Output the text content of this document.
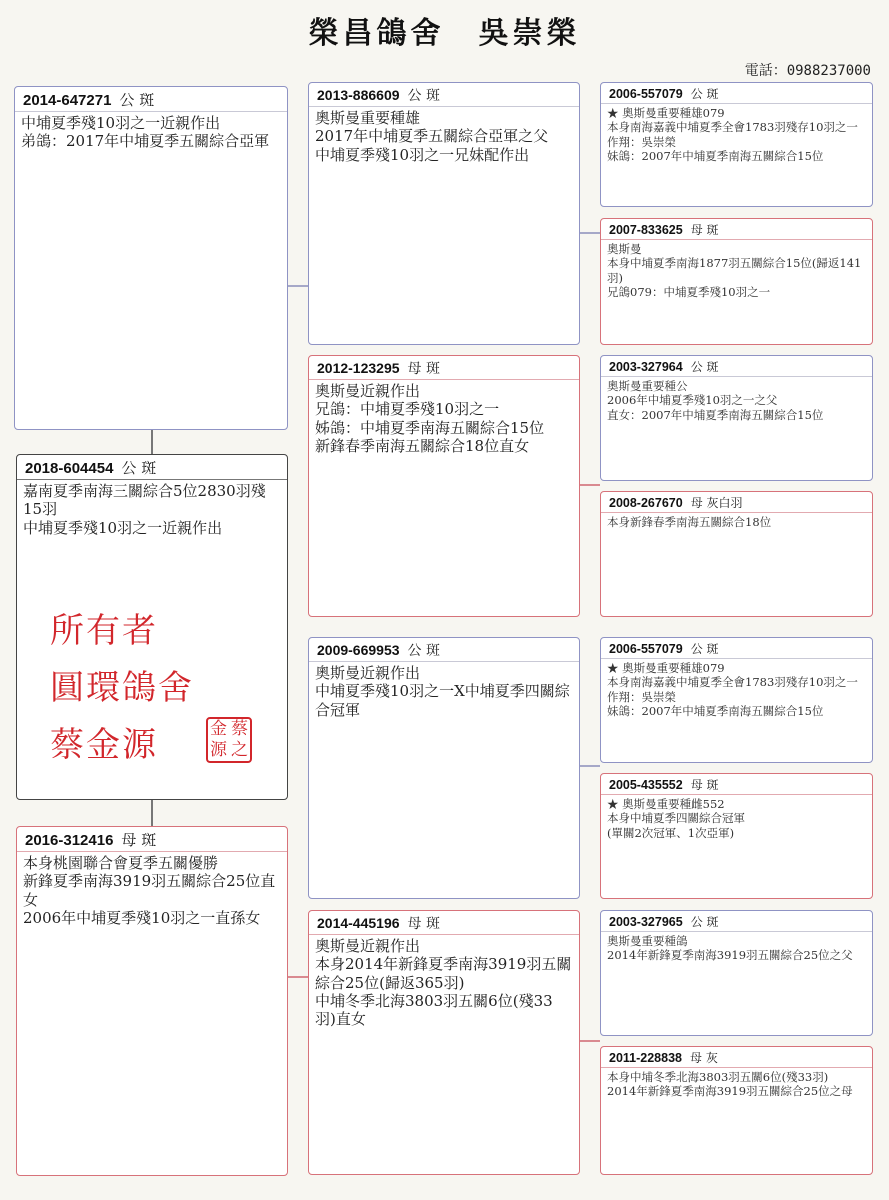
榮昌鴿舍　吳崇榮
電話：0988237000
2014-647271 公 斑
中埔夏季殘10羽之一近親作出
弟鴿：2017年中埔夏季五關綜合亞軍
2018-604454 公 斑
嘉南夏季南海三關綜合5位2830羽殘15羽
中埔夏季殘10羽之一近親作出
所有者
圓環鴿舍
蔡金源	金 蔡
源 之
2016-312416 母 斑
本身桃園聯合會夏季五關優勝
新鋒夏季南海3919羽五關綜合25位直女
2006年中埔夏季殘10羽之一直孫女
2013-886609 公 斑
奧斯曼重要種雄
2017年中埔夏季五關綜合亞軍之父
中埔夏季殘10羽之一兄妹配作出
2012-123295 母 斑
奧斯曼近親作出
兄鴿：中埔夏季殘10羽之一
姊鴿：中埔夏季南海五關綜合15位
新鋒春季南海五關綜合18位直女
2009-669953 公 斑
奧斯曼近親作出
中埔夏季殘10羽之一X中埔夏季四關綜合冠軍
2014-445196 母 斑
奧斯曼近親作出
本身2014年新鋒夏季南海3919羽五關綜合25位(歸返365羽)
中埔冬季北海3803羽五關6位(殘33羽)直女
2006-557079 公 斑
★ 奧斯曼重要種雄079
本身南海嘉義中埔夏季全會1783羽殘存10羽之一
作翔：吳崇榮
妹鴿：2007年中埔夏季南海五關綜合15位
2007-833625 母 斑
奧斯曼
本身中埔夏季南海1877羽五關綜合15位(歸返141羽)
兄鴿079：中埔夏季殘10羽之一
2003-327964 公 斑
奧斯曼重要種公
2006年中埔夏季殘10羽之一之父
直女：2007年中埔夏季南海五關綜合15位
2008-267670 母 灰白羽
本身新鋒春季南海五關綜合18位
2006-557079 公 斑
★ 奧斯曼重要種雄079
本身南海嘉義中埔夏季全會1783羽殘存10羽之一
作翔：吳崇榮
妹鴿：2007年中埔夏季南海五關綜合15位
2005-435552 母 斑
★ 奧斯曼重要種雌552
本身中埔夏季四關綜合冠軍
(單關2次冠軍、1次亞軍)
2003-327965 公 斑
奧斯曼重要種鴿
2014年新鋒夏季南海3919羽五關綜合25位之父
2011-228838 母 灰
本身中埔冬季北海3803羽五關6位(殘33羽)
2014年新鋒夏季南海3919羽五關綜合25位之母
